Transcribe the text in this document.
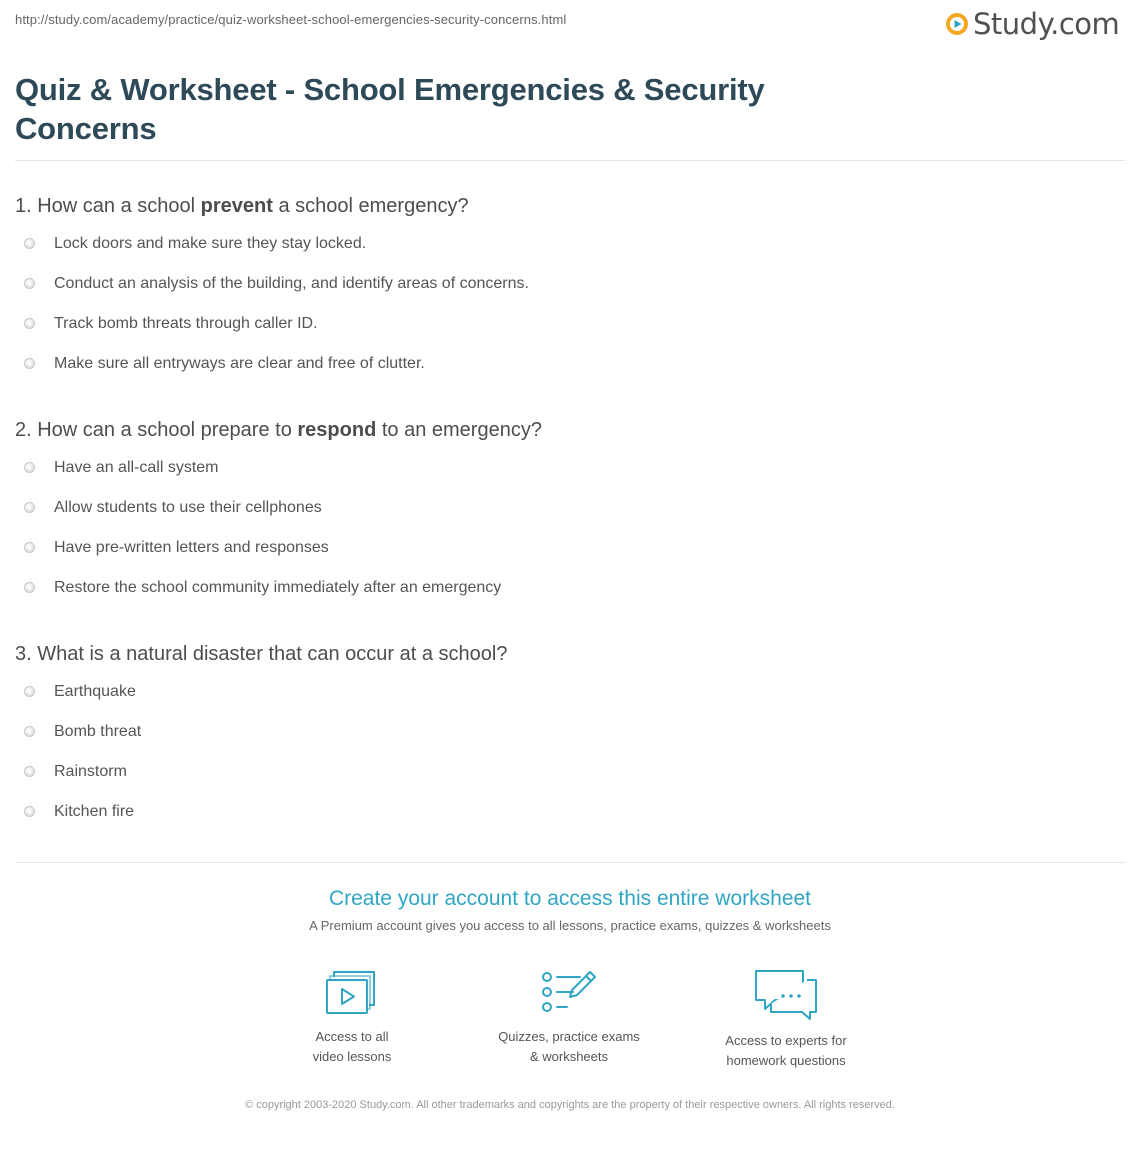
http://study.com/academy/practice/quiz-worksheet-school-emergencies-security-concerns.html	Study.com
Quiz & Worksheet - School Emergencies & Security Concerns
1. How can a school prevent a school emergency?
Lock doors and make sure they stay locked.
Conduct an analysis of the building, and identify areas of concerns.
Track bomb threats through caller ID.
Make sure all entryways are clear and free of clutter.
2. How can a school prepare to respond to an emergency?
Have an all-call system
Allow students to use their cellphones
Have pre-written letters and responses
Restore the school community immediately after an emergency
3. What is a natural disaster that can occur at a school?
Earthquake
Bomb threat
Rainstorm
Kitchen fire
Create your account to access this entire worksheet

A Premium account gives you access to all lessons, practice exams, quizzes & worksheets

Access to all
video lessons
Quizzes, practice exams
& worksheets
Access to experts for
homework questions
© copyright 2003-2020 Study.com. All other trademarks and copyrights are the property of their respective owners. All rights reserved.
